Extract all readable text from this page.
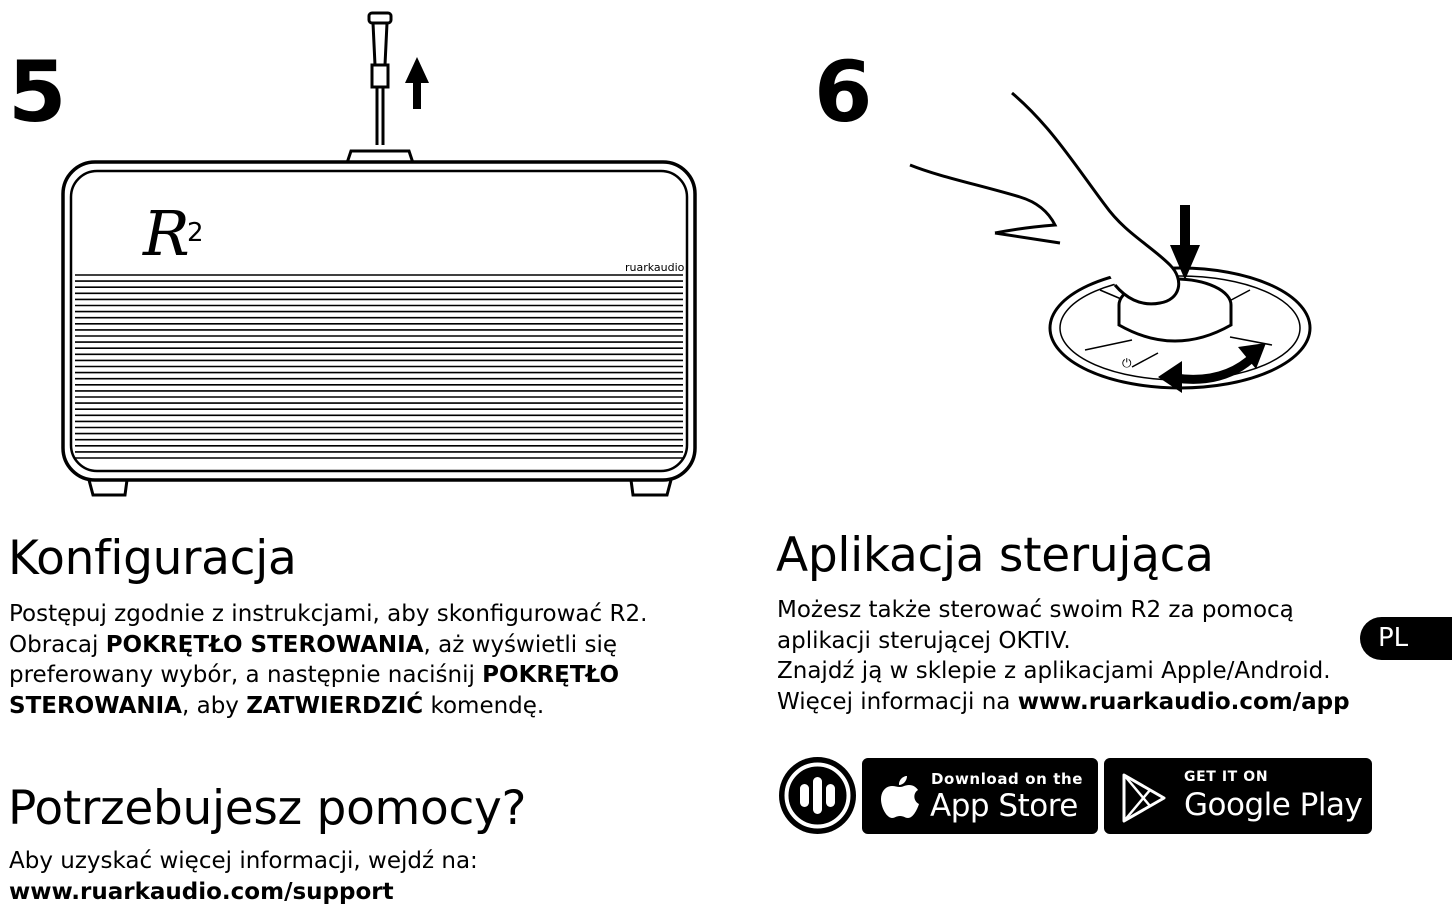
5	6
R
2
ruarkaudio
⏻
Konfiguracja

Postępuj zgodnie z instrukcjami, aby skonfigurować R2. Obracaj POKRĘTŁO STEROWANIA, aż wyświetli się preferowany wybór, a następnie naciśnij POKRĘTŁO STEROWANIA, aby ZATWIERDZIĆ komendę.

Potrzebujesz pomocy?

Aby uzyskać więcej informacji, wejdź na:
www.ruarkaudio.com/support

Aplikacja sterująca

Możesz także sterować swoim R2 za pomocą
aplikacji sterującej OKTIV.
Znajdź ją w sklepie z aplikacjami Apple/Android.
Więcej informacji na www.ruarkaudio.com/app

PL
Download on the
App Store
GET IT ON
Google Play
